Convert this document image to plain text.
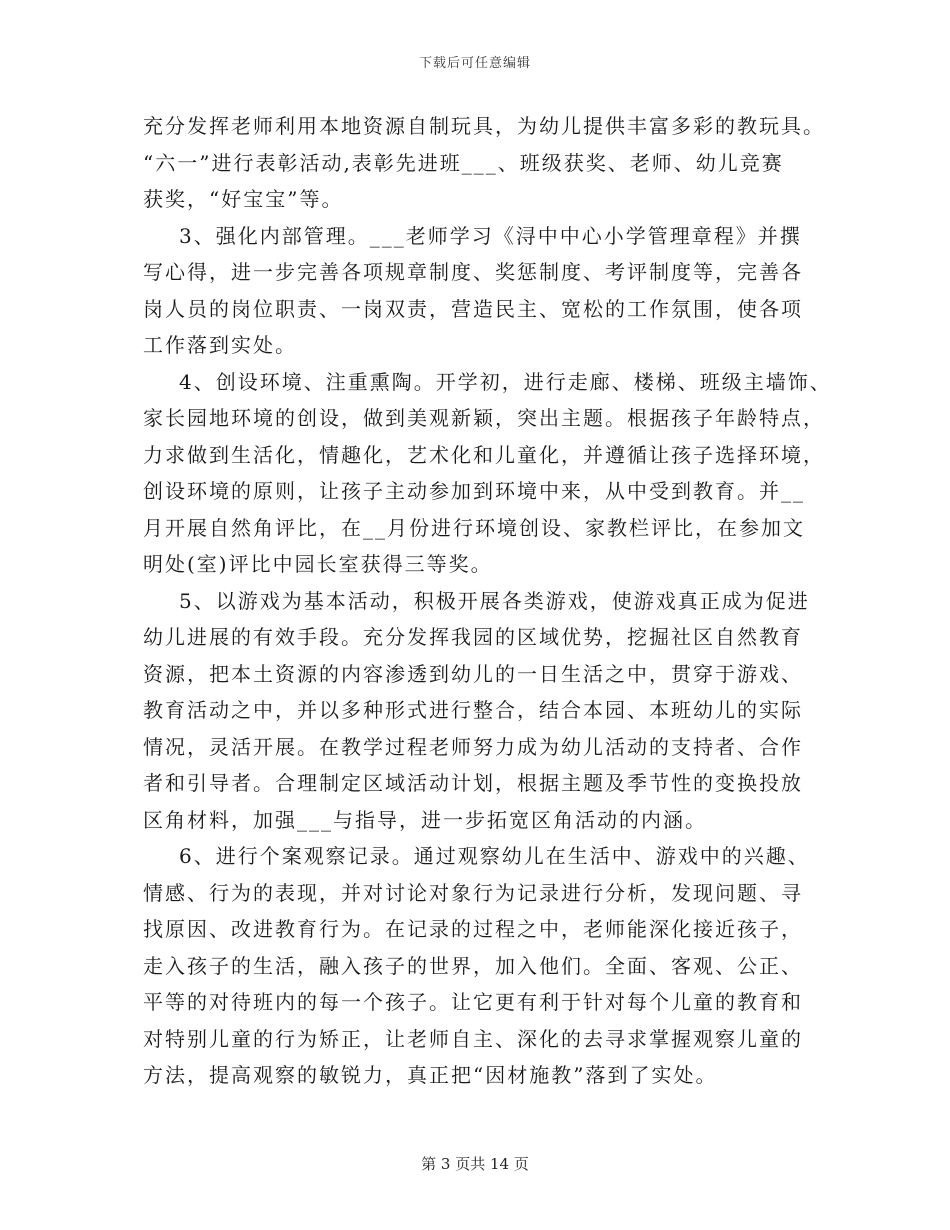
下载后可任意编辑
充分发挥老师利用本地资源自制玩具，为幼儿提供丰富多彩的教玩具。
“六一”进行表彰活动,表彰先进班___、班级获奖、老师、幼儿竞赛
获奖，“好宝宝”等。
3、强化内部管理。___老师学习《浔中中心小学管理章程》并撰
写心得，进一步完善各项规章制度、奖惩制度、考评制度等，完善各
岗人员的岗位职责、一岗双责，营造民主、宽松的工作氛围，使各项
工作落到实处。
4、创设环境、注重熏陶。开学初，进行走廊、楼梯、班级主墙饰、
家长园地环境的创设，做到美观新颖，突出主题。根据孩子年龄特点，
力求做到生活化，情趣化，艺术化和儿童化，并遵循让孩子选择环境，
创设环境的原则，让孩子主动参加到环境中来，从中受到教育。并__
月开展自然角评比，在__月份进行环境创设、家教栏评比，在参加文
明处(室)评比中园长室获得三等奖。
5、以游戏为基本活动，积极开展各类游戏，使游戏真正成为促进
幼儿进展的有效手段。充分发挥我园的区域优势，挖掘社区自然教育
资源，把本土资源的内容渗透到幼儿的一日生活之中，贯穿于游戏、
教育活动之中，并以多种形式进行整合，结合本园、本班幼儿的实际
情况，灵活开展。在教学过程老师努力成为幼儿活动的支持者、合作
者和引导者。合理制定区域活动计划，根据主题及季节性的变换投放
区角材料，加强___与指导，进一步拓宽区角活动的内涵。
6、进行个案观察记录。通过观察幼儿在生活中、游戏中的兴趣、
情感、行为的表现，并对讨论对象行为记录进行分析，发现问题、寻
找原因、改进教育行为。在记录的过程之中，老师能深化接近孩子，
走入孩子的生活，融入孩子的世界，加入他们。全面、客观、公正、
平等的对待班内的每一个孩子。让它更有利于针对每个儿童的教育和
对特别儿童的行为矫正，让老师自主、深化的去寻求掌握观察儿童的
方法，提高观察的敏锐力，真正把“因材施教”落到了实处。
第 3 页共 14 页
